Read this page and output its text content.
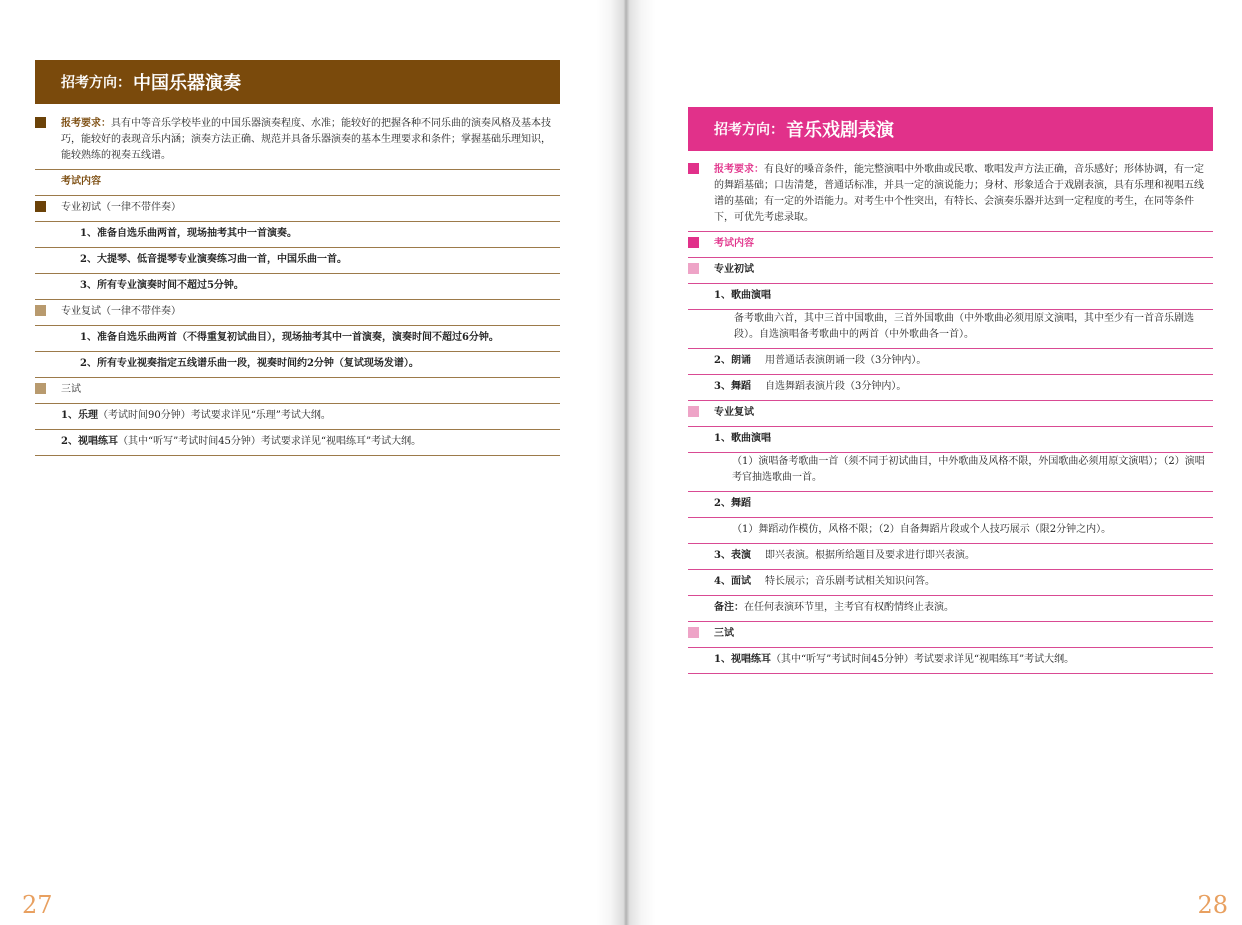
招考方向： 中国乐器演奏
报考要求：具有中等音乐学校毕业的中国乐器演奏程度、水准；能较好的把握各种不同乐曲的演奏风格及基本技巧，能较好的表现音乐内涵；演奏方法正确、规范并具备乐器演奏的基本生理要求和条件；掌握基础乐理知识，能较熟练的视奏五线谱。
考试内容
专业初试（一律不带伴奏）
1、准备自选乐曲两首，现场抽考其中一首演奏。
2、大提琴、低音提琴专业演奏练习曲一首，中国乐曲一首。
3、所有专业演奏时间不超过5分钟。
专业复试（一律不带伴奏）
1、准备自选乐曲两首（不得重复初试曲目），现场抽考其中一首演奏，演奏时间不超过6分钟。
2、所有专业视奏指定五线谱乐曲一段，视奏时间约2分钟（复试现场发谱）。
三试
1、乐理（考试时间90分钟）考试要求详见“乐理”考试大纲。
2、视唱练耳（其中“听写”考试时间45分钟）考试要求详见“视唱练耳”考试大纲。
27
招考方向： 音乐戏剧表演
报考要求：有良好的嗓音条件，能完整演唱中外歌曲或民歌、歌唱发声方法正确，音乐感好；形体协调，有一定的舞蹈基础；口齿清楚，普通话标准，并具一定的演说能力；身材、形象适合于戏剧表演，具有乐理和视唱五线谱的基础；有一定的外语能力。对考生中个性突出，有特长、会演奏乐器并达到一定程度的考生，在同等条件下，可优先考虑录取。
考试内容
专业初试
1、歌曲演唱
备考歌曲六首，其中三首中国歌曲，三首外国歌曲（中外歌曲必须用原文演唱，其中至少有一首音乐剧选段）。自选演唱备考歌曲中的两首（中外歌曲各一首）。
2、朗诵 用普通话表演朗诵一段（3分钟内）。
3、舞蹈 自选舞蹈表演片段（3分钟内）。
专业复试
1、歌曲演唱
（1）演唱备考歌曲一首（须不同于初试曲目，中外歌曲及风格不限，外国歌曲必须用原文演唱）；（2）演唱考官抽选歌曲一首。
2、舞蹈
（1）舞蹈动作模仿，风格不限；（2）自备舞蹈片段或个人技巧展示（限2分钟之内）。
3、表演 即兴表演。根据所给题目及要求进行即兴表演。
4、面试 特长展示；音乐剧考试相关知识问答。
备注：在任何表演环节里，主考官有权酌情终止表演。
三试
1、视唱练耳（其中“听写”考试时间45分钟）考试要求详见“视唱练耳”考试大纲。
28
